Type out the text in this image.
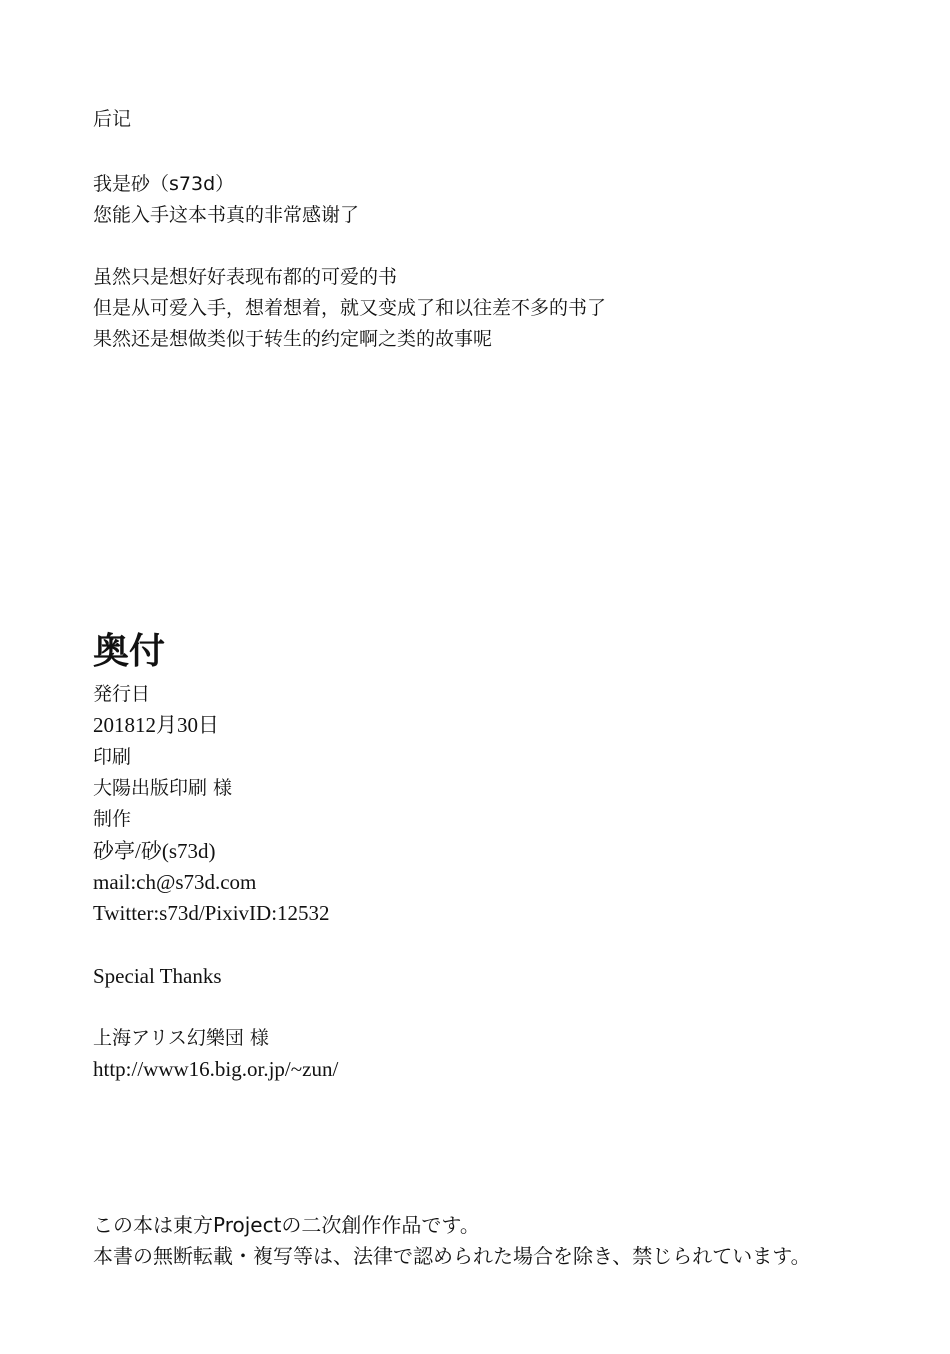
后记
我是砂（s73d）
您能入手这本书真的非常感谢了
虽然只是想好好表现布都的可爱的书
但是从可爱入手，想着想着，就又变成了和以往差不多的书了
果然还是想做类似于转生的约定啊之类的故事呢
奥付
発行日
201812月30日
印刷
大陽出版印刷 様
制作
砂亭/砂(s73d)
mail:ch@s73d.com
Twitter:s73d/PixivID:12532
Special Thanks
上海アリス幻樂団 様
http://www16.big.or.jp/~zun/
この本は東方Projectの二次創作作品です。
本書の無断転載・複写等は、法律で認められた場合を除き、禁じられています。
